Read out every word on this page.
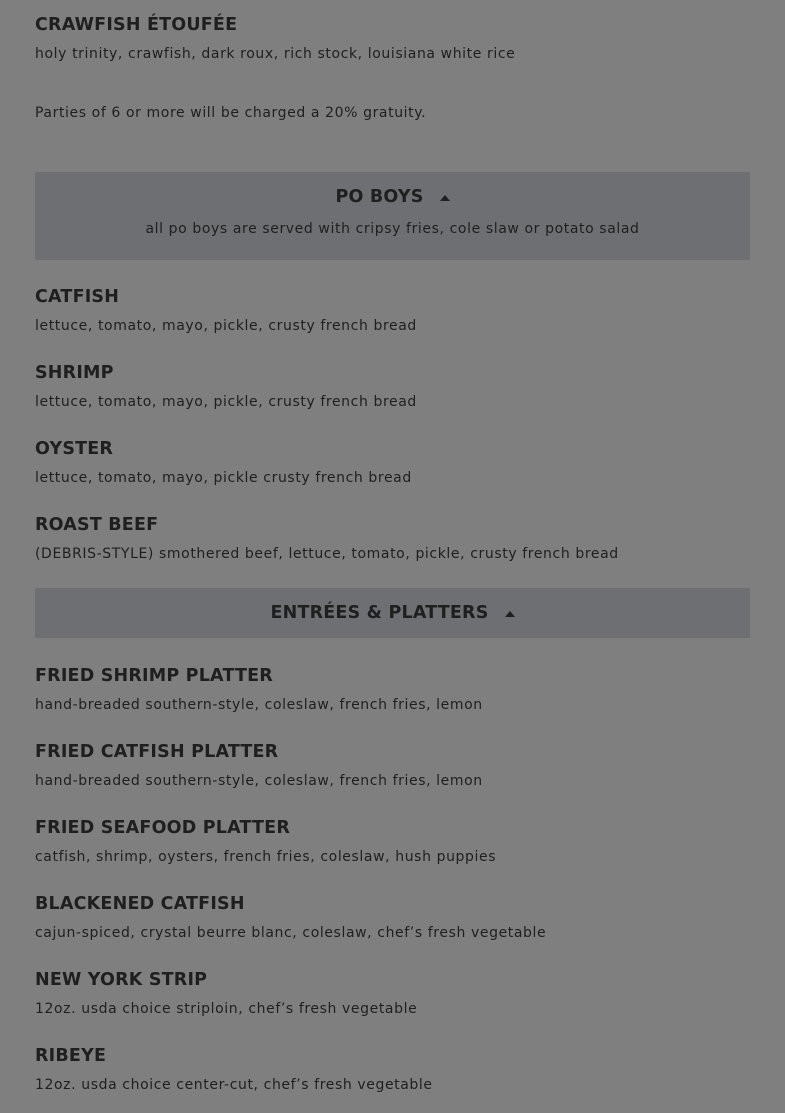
CRAWFISH ÉTOUFÉE
holy trinity, crawfish, dark roux, rich stock, louisiana white rice
Parties of 6 or more will be charged a 20% gratuity.
PO BOYS
all po boys are served with cripsy fries, cole slaw or potato salad
CATFISH
lettuce, tomato, mayo, pickle, crusty french bread
SHRIMP
lettuce, tomato, mayo, pickle, crusty french bread
OYSTER
lettuce, tomato, mayo, pickle crusty french bread
ROAST BEEF
(DEBRIS-STYLE) smothered beef, lettuce, tomato, pickle, crusty french bread
ENTRÉES & PLATTERS
FRIED SHRIMP PLATTER
hand-breaded southern-style, coleslaw, french fries, lemon
FRIED CATFISH PLATTER
hand-breaded southern-style, coleslaw, french fries, lemon
FRIED SEAFOOD PLATTER
catfish, shrimp, oysters, french fries, coleslaw, hush puppies
BLACKENED CATFISH
cajun-spiced, crystal beurre blanc, coleslaw, chef’s fresh vegetable
NEW YORK STRIP
12oz. usda choice striploin, chef’s fresh vegetable
RIBEYE
12oz. usda choice center-cut, chef’s fresh vegetable
